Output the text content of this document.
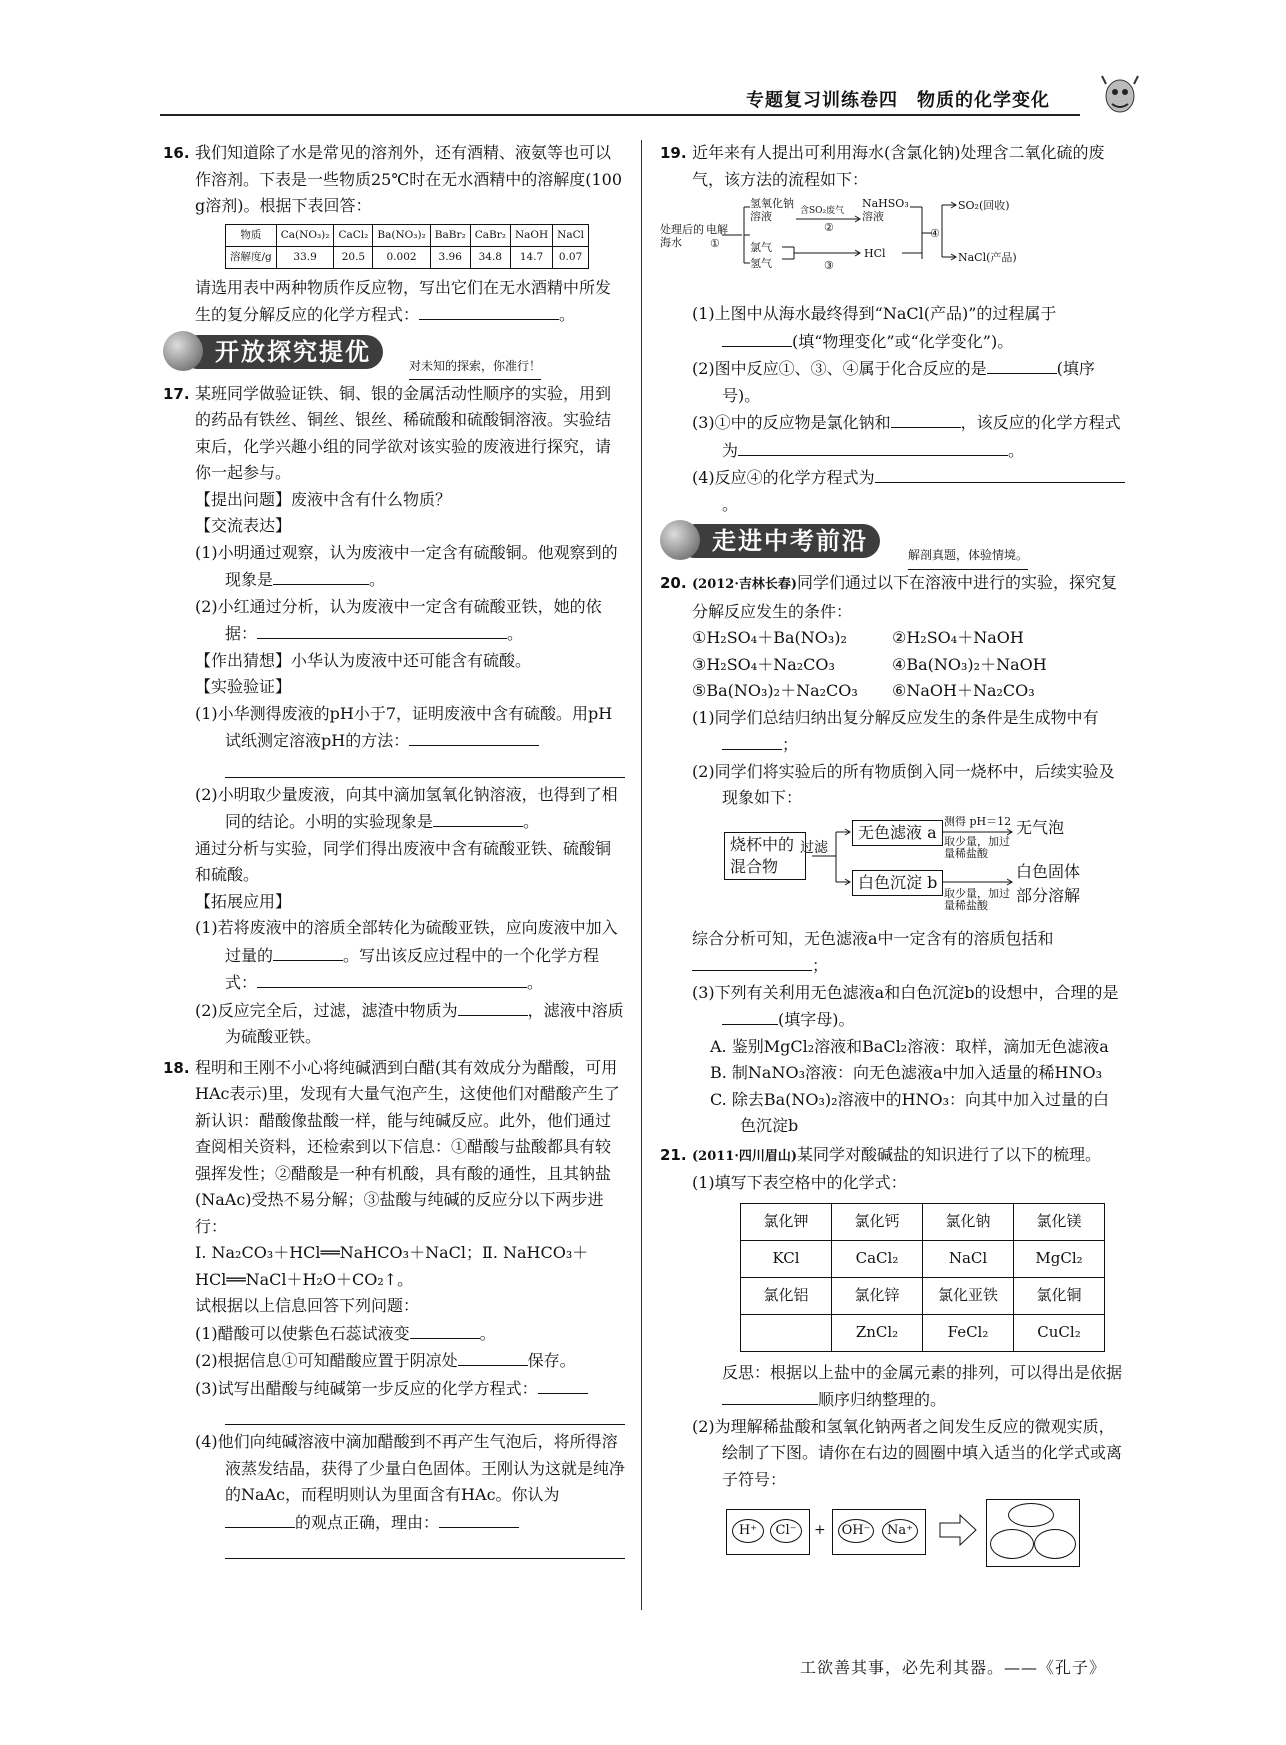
专题复习训练卷四　物质的化学变化
16. 我们知道除了水是常见的溶剂外，还有酒精、液氨等也可以作溶剂。下表是一些物质25℃时在无水酒精中的溶解度(100 g溶剂)。根据下表回答：

物质	Ca(NO₃)₂	CaCl₂	Ba(NO₃)₂	BaBr₂	CaBr₂	NaOH	NaCl
溶解度/g	33.9	20.5	0.002	3.96	34.8	14.7	0.07

请选用表中两种物质作反应物，写出它们在无水酒精中所发生的复分解反应的化学方程式：	。

开放探究提优	对未知的探索，你准行！
17. 某班同学做验证铁、铜、银的金属活动性顺序的实验，用到的药品有铁丝、铜丝、银丝、稀硫酸和硫酸铜溶液。实验结束后，化学兴趣小组的同学欲对该实验的废液进行探究，请你一起参与。

【提出问题】废液中含有什么物质？

【交流表达】

(1)小明通过观察，认为废液中一定含有硫酸铜。他观察到的现象是	。

(2)小红通过分析，认为废液中一定含有硫酸亚铁，她的依据：	。

【作出猜想】小华认为废液中还可能含有硫酸。

【实验验证】

(1)小华测得废液的pH小于7，证明废液中含有硫酸。用pH试纸测定溶液pH的方法：

(2)小明取少量废液，向其中滴加氢氧化钠溶液，也得到了相同的结论。小明的实验现象是	。

通过分析与实验，同学们得出废液中含有硫酸亚铁、硫酸铜和硫酸。

【拓展应用】

(1)若将废液中的溶质全部转化为硫酸亚铁，应向废液中加入过量的	。写出该反应过程中的一个化学方程式：	。

(2)反应完全后，过滤，滤渣中物质为	，滤液中溶质为硫酸亚铁。

18. 程明和王刚不小心将纯碱洒到白醋(其有效成分为醋酸，可用HAc表示)里，发现有大量气泡产生，这使他们对醋酸产生了新认识：醋酸像盐酸一样，能与纯碱反应。此外，他们通过查阅相关资料，还检索到以下信息：①醋酸与盐酸都具有较强挥发性；②醋酸是一种有机酸，具有酸的通性，且其钠盐(NaAc)受热不易分解；③盐酸与纯碱的反应分以下两步进行：

Ⅰ. Na₂CO₃＋HCl══NaHCO₃＋NaCl；Ⅱ. NaHCO₃＋HCl══NaCl＋H₂O＋CO₂↑。

试根据以上信息回答下列问题：

(1)醋酸可以使紫色石蕊试液变	。

(2)根据信息①可知醋酸应置于阴凉处	保存。

(3)试写出醋酸与纯碱第一步反应的化学方程式：

(4)他们向纯碱溶液中滴加醋酸到不再产生气泡后，将所得溶液蒸发结晶，获得了少量白色固体。王刚认为这就是纯净的NaAc，而程明则认为里面含有HAc。你认为的观点正确，理由：

19. 近年来有人提出可利用海水(含氯化钠)处理含二氧化硫的废气，该方法的流程如下：

处理后的海水
电解
①
氢氧化钠溶液	含SO₂废气
②
NaHSO₃溶液
氯气
氢气	③
HCl
④
SO₂(回收)
NaCl(产品)

(1)上图中从海水最终得到“NaCl(产品)”的过程属于(填“物理变化”或“化学变化”)。

(2)图中反应①、③、④属于化合反应的是	(填序号)。

(3)①中的反应物是氯化钠和	，该反应的化学方程式为	。

(4)反应④的化学方程式为。

走进中考前沿	解剖真题，体验情境。
20. (2012·吉林长春)同学们通过以下在溶液中进行的实验，探究复分解反应发生的条件：

①H₂SO₄＋Ba(NO₃)₂	②H₂SO₄＋NaOH
③H₂SO₄＋Na₂CO₃	④Ba(NO₃)₂＋NaOH
⑤Ba(NO₃)₂＋Na₂CO₃ ⑥NaOH＋Na₂CO₃

(1)同学们总结归纳出复分解反应发生的条件是生成物中有；

(2)同学们将实验后的所有物质倒入同一烧杯中，后续实验及现象如下：

烧杯中的混合物
过滤
无色滤液 a
测得 pH＝12
取少量，加过量稀盐酸
无气泡
白色沉淀 b
取少量，加过量稀盐酸
白色固体部分溶解

综合分析可知，无色滤液a中一定含有的溶质包括和
；

(3)下列有关利用无色滤液a和白色沉淀b的设想中，合理的是(填字母)。

A. 鉴别MgCl₂溶液和BaCl₂溶液：取样，滴加无色滤液a

B. 制NaNO₃溶液：向无色滤液a中加入适量的稀HNO₃

C. 除去Ba(NO₃)₂溶液中的HNO₃：向其中加入过量的白色沉淀b

21. (2011·四川眉山)某同学对酸碱盐的知识进行了以下的梳理。

(1)填写下表空格中的化学式：

氯化钾	氯化钙	氯化钠	氯化镁
KCl	CaCl₂	NaCl	MgCl₂
氯化铝	氯化锌	氯化亚铁	氯化铜
	ZnCl₂	FeCl₂	CuCl₂

反思：根据以上盐中的金属元素的排列，可以得出是依据顺序归纳整理的。

(2)为理解稀盐酸和氢氧化钠两者之间发生反应的微观实质，绘制了下图。请你在右边的圆圈中填入适当的化学式或离子符号：

H⁺	Cl⁻	+ OH⁻	Na⁺
工欲善其事，必先利其器。——《孔子》
